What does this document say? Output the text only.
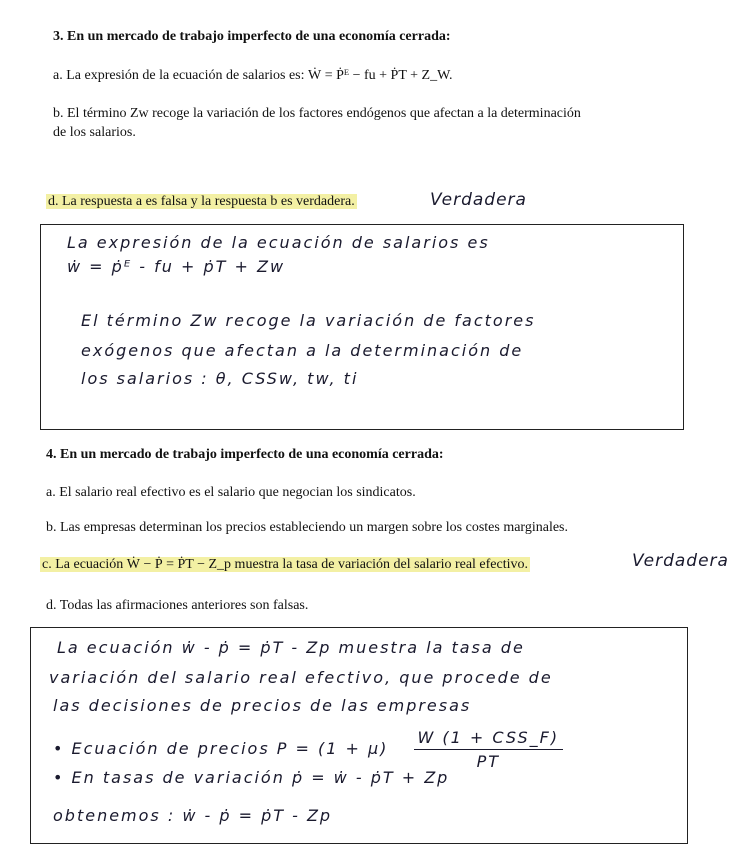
3. En un mercado de trabajo imperfecto de una economía cerrada:
a. La expresión de la ecuación de salarios es: Ẇ = Ṗᴱ − fu + ṖT + Z_W.
b. El término Zw recoge la variación de los factores endógenos que afectan a la determinación
de los salarios.
d. La respuesta a es falsa y la respuesta b es verdadera.	Verdadera
La expresión de la ecuación de salarios es
ẇ = ṗᴱ - fu + ṗT + Zw
El término Zw recoge la variación de factores
exógenos que afectan a la determinación de
los salarios : θ, CSSw, tw, ti
4. En un mercado de trabajo imperfecto de una economía cerrada:
a. El salario real efectivo es el salario que negocian los sindicatos.
b. Las empresas determinan los precios estableciendo un margen sobre los costes marginales.
c. La ecuación Ẇ − Ṗ = ṖT − Z_p muestra la tasa de variación del salario real efectivo.	Verdadera
d. Todas las afirmaciones anteriores son falsas.
La ecuación ẇ - ṗ = ṗT - Zp muestra la tasa de
variación del salario real efectivo, que procede de
las decisiones de precios de las empresas
• Ecuación de precios $P = (1 + \mu) \frac{\text{W (1 + CSS\_F)}}{PT}$
• En tasas de variación ṗ = ẇ - ṗT + Zp
obtenemos : ẇ - ṗ = ṗT - Zp
